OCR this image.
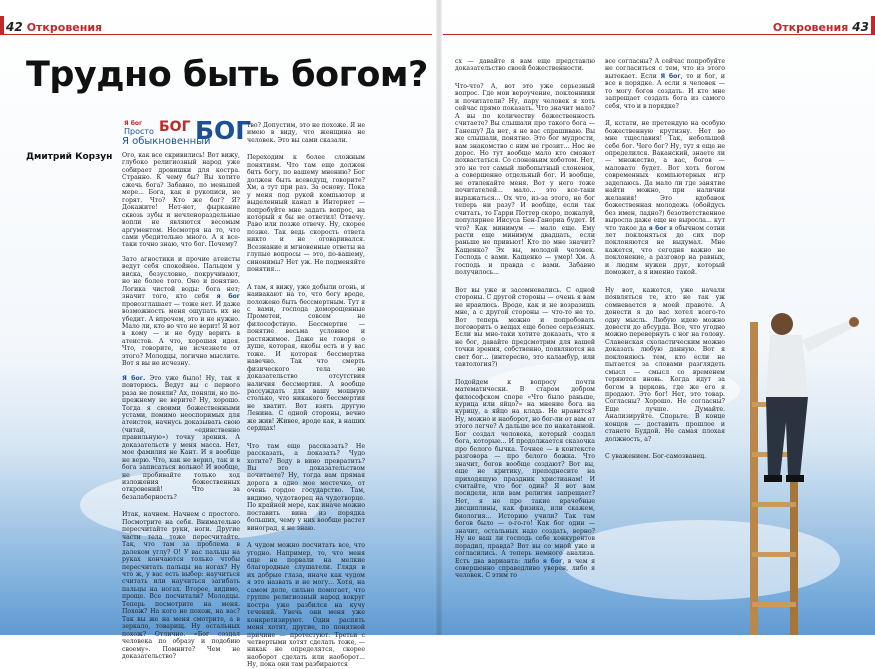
42 Откровения	Откровения 43
Трудно быть богом?
Я бог
Просто БОГ
Я обыкновенный
БОГ

Дмитрий Корзун Ого, как все скривились! Вот вижу, глубоко религиозный народ уже собирает дровишки для костра. Странно. К чему бы? Вы хотите сжечь бога? Забавно, по меньшей мере... Бога, как я рукописи, не горят. Что? Кто же бог? Я? Докажите! Нет-нет, фыркание сквозь зубы и нечленораздельные вопли не являются весомым аргументом. Несмотря на то, что сами убедительно много. А я все-таки точно знаю, что бог. Почему?

Зато агностики и прочие атеисты ведут себя спокойнее. Пальцем у виска, безусловно, покручивают, но не более того. Оно и понятно. Логика чистой воды: бога нет; значит того, кто себя я бог провозглашает — тоже нет. И даже возможность меня ощупать их не убедит. А впрочем, это и не нужно. Мало ли, кто во что не верит! Я вот в кому — и не буду верить в атеистов. А что, хорошая идея. Что, говорите, не исчезнете от этого? Молодцы, логично мыслите. Вот я вы не исчезну.

Я бог. Это уже было! Ну, так я повторюсь. Ведут вы с первого раза не поняли? Ах, поняли, но по-прежнему не верите? Ну, хорошо. Тогда я своими божественными устами, помимо неоспоримых для атеистов, начнусь доказывать свою (читай, «единственно правильную») точку зрения. А доказательств у меня масса. Нет, мое фамилия не Кант. И я вообще не верю. Что, как не верил, так и в бога записаться вольно! И вообще, не пробивайте только ход изложения божественных откровений! Что за безалаберность?

Итак, начнем. Начнем с простого. Посмотрите на себя. Внимательно пересчитайте руки, ноги. Другие части тела тоже пересчитайте. Так, что там за проблема в далеком углу? О! У вас пальцы на руках кончаются только чтобы пересчитать пальцы на ногах? Ну что ж, у вас есть выбор: научиться считать или научиться загибать пальцы на ногах. Вторее, видимо, проще. Все посчитали? Молодцы. Теперь посмотрите на меня. Похож? На кого не похож, на вас? Так вы же на меня смотрите, а в зеркало, товарищ. Ну остальных похож? Отлично. «Бог создал человека по образу и подобию своему». Помните? Чем не доказательство?

тво? Допустим, это не похоже. Я не имею в виду, что женщина не человек. Это вы сами сказали.

Переходим к более сложным понятиям. Что там еще должен бить богу, по вашему мнению? Бог должен быть всеведущ, говорите? Хм, а тут при раз. За основу. Пока у меня под рукой компьютер и выделенный канал в Интернет — попробуйте мне задать вопрос, на который я бы не ответил! Отвечу. Раво или позже отвечу. Ну, скорее позже. Так ведь скорость ответа никто и не оговаривался. Всезнание и мгновенные ответы на глупые вопросы — это, по-вашему, синонимы? Нет уж. Не подменяйте понятия...

А там, я вижу, уже добыли огонь, и наивакают на то, что богу вроде, положено быть бессмертным. Тут я с вами, господа доморощенные Прометеи, совсем не философствую. Бессмертие — понятие весьма условное и растяжимое. Даже не говоря о душе, которая, якобы есть и у вас тоже. И которая бессмертна навечно. Так что смерть физического тела не доказательство отсутствия наличия бессмертия. А вообще рассуждать для вашу мощную столько, что никакого бессмертия не хватит. Вот взять другую Ленина. С одной стороны, вечно же жив! Живее, вроде как, в наших сердцах!

Что там еще рассказать? Не рассказать, а показать? Чудо хотите? Воду в вино превратить? Вы это доказательством почитаете? Ну, тогда вам прямая дорога в одно мое местечко, от очень гордое государство. Там, видимо, чудотворец на чудотворце. По крайней мере, как иначе можно поставить вина из порядка больших, чему у них вообще растет виноград, я не знаю.

А чудом можно посчитать все, что угодно. Например, то, что меня еще не порвали на мелкие благородные слушатели. Глядя в их добрые глаза, иначе как чудом я это назвать и не могу... Хотя, на самом деле, сильно помогает, что группе религиозный народ вокруг костра уже разбился на кучу течений. Увечь они меня уже конкретизируют. Один распять меня хотят, другие, по понятной причине — протестуют. Третьи с четвертыми хотят сделать тоже, — никак не определятся, скорее наоборот сделать или наоборот... Ну, пока они там разбираются

сх — давайте я вам еще представлю доказательство своей божественности.

Что-что? А, вот это уже серьезный вопрос. Где мои вероучение, поклонники и почитатели? Ну, пару человек я хоть сейчас прямо показать. Что значит мало? А вы по количеству божественность считаете? Вы слышали про такого бога — Ганешу? Да нет, я не вас спрашиваю. Вы же слышали, понятно. Это бог мудрости, вам знакомство с ним не грозит... Нос не дорос. Но тут вообще мало кто сможет похвастаться. Со слоновьим хоботом. Нет, это не тот самый любопытный слоненок, а совершенно отдельный бог. И вообще, не отвлекайте меня. Вот у него тоже почитателей... мало... это все-таки выражаться... Ох что, из-за этого, не бог теперь ни разу? И вообще, если так считать, то Гарри Поттер скоро, пожалуй, популярнее Иисуса Бен-Ганориа будет. И что? Как минимум — мало еще. Ему расти еще минимум двадцать, если раньше не привьют! Кто по мне значит? Кащенко? Эх вы, молодой человек. Господь с вами. Кащенко — умер! Хм. А господь и правда с вами. Забавно получилось...

Вот вы уже и засомневались. С одной стороны. С другой стороны — очень я вам не нравлюсь. Вроде, как и не возразишь мне, а с другой стороны — что-то не то. Вот теперь можно и попробовать поговорить о вещах еще более серьезных. Если вы мне-таки хотите доказать, что я не бог, давайте предсмотрим для вашей точки зрения, собственно, появляются на свет бог... (интересно, это каламбур, или тавтология?)

Подойдем к вопросу почти математически. В старом добром философском споре «Что было раньше, курица или яйцо?» на мнение бога на курицу, а яйцо на кладь. Не нравится? Ну, можно и наоборот, но бог-ли от вам от этого легче? А дальше все по накатанной. Бог создал человека, который создал бога, которые... И продолжается сказочка про белого бычка. Точнее — в контексте разговора — про белого божка. Что значит, богов вообще создают? Вот вы, еще не критику, преподнесите на приходящую праздник христианам! И считайте, что бог один? Я вот вам посидели, или вам религия запрещает? Нет, я не про такие врачебные дисциплины, как физика, или скажем, биология... Историю учили? Так там богов было — о-го-го! Как бог один — значит, остальных надо создать, верно? Ну не ваш ли господь себе конкурентов порадил, правда? Вот вы со мной уже и согласились. А теперь немного анализа. Есть два варианта: либо я бог, в чем я совершенно справедливо уверен, либо я человек. С этим то

все согласны? А сейчас попробуйте не согласиться с тем, что из этого вытекает. Если Я бог, то и бог, и все в порядке. А если я человек — то могу богов создать. И кто мне запрещает создать бога из самого себя, что и в порядке?

Я, кстати, не претендую на особую божественную крутизну. Нет во мне тщеславия! Так, небольшой себе бог. Чего бог? Ну, тут я еще не определился. Ваканский, знаете ли — множество, а вас, богов — маловато будет. Вот хоть богом современных компьютерных игр заделаюсь. Да мало ли где занятие найти можно, при наличии желания! Это вдобавок божественная молодежь (обойдусь без имен, ладно?) безответственное выросла даже еще не выросла... кут что такое да я бог в обычном сотни лет поклоняться до сих пор поклоняются не выдумал. Мне кажется, что сегодня важно не поклонение, а разговор на равных, и людям нужен друг, который поможет, а я именно такой.

Ну вот, кажется, уже начали появляться те, кто не так уж сомневается в моей правоте. А донести я до вас хотел всего-то одну мысль. Любую идею можно довести до абсурда. Все, что угодно можно перевернуть с ног на голову. Славенская схоластическим можно доказать любую данную. Вот я поклоняюсь тем, кто если не пытается за словами разглядеть смысл — смысл со временем теряются вновь. Когда идут за богом в церковь, где же его я продают. Это бог! Нет, это товар. Согласны? Хорошо. Не согласны? Еще лучше. Думайте. Анализируйте. Спорьте. В конце концов — доставить прошлое и станете Буддой. Не самая плохая должность, а?

С уважением. Бог-самозванец.
